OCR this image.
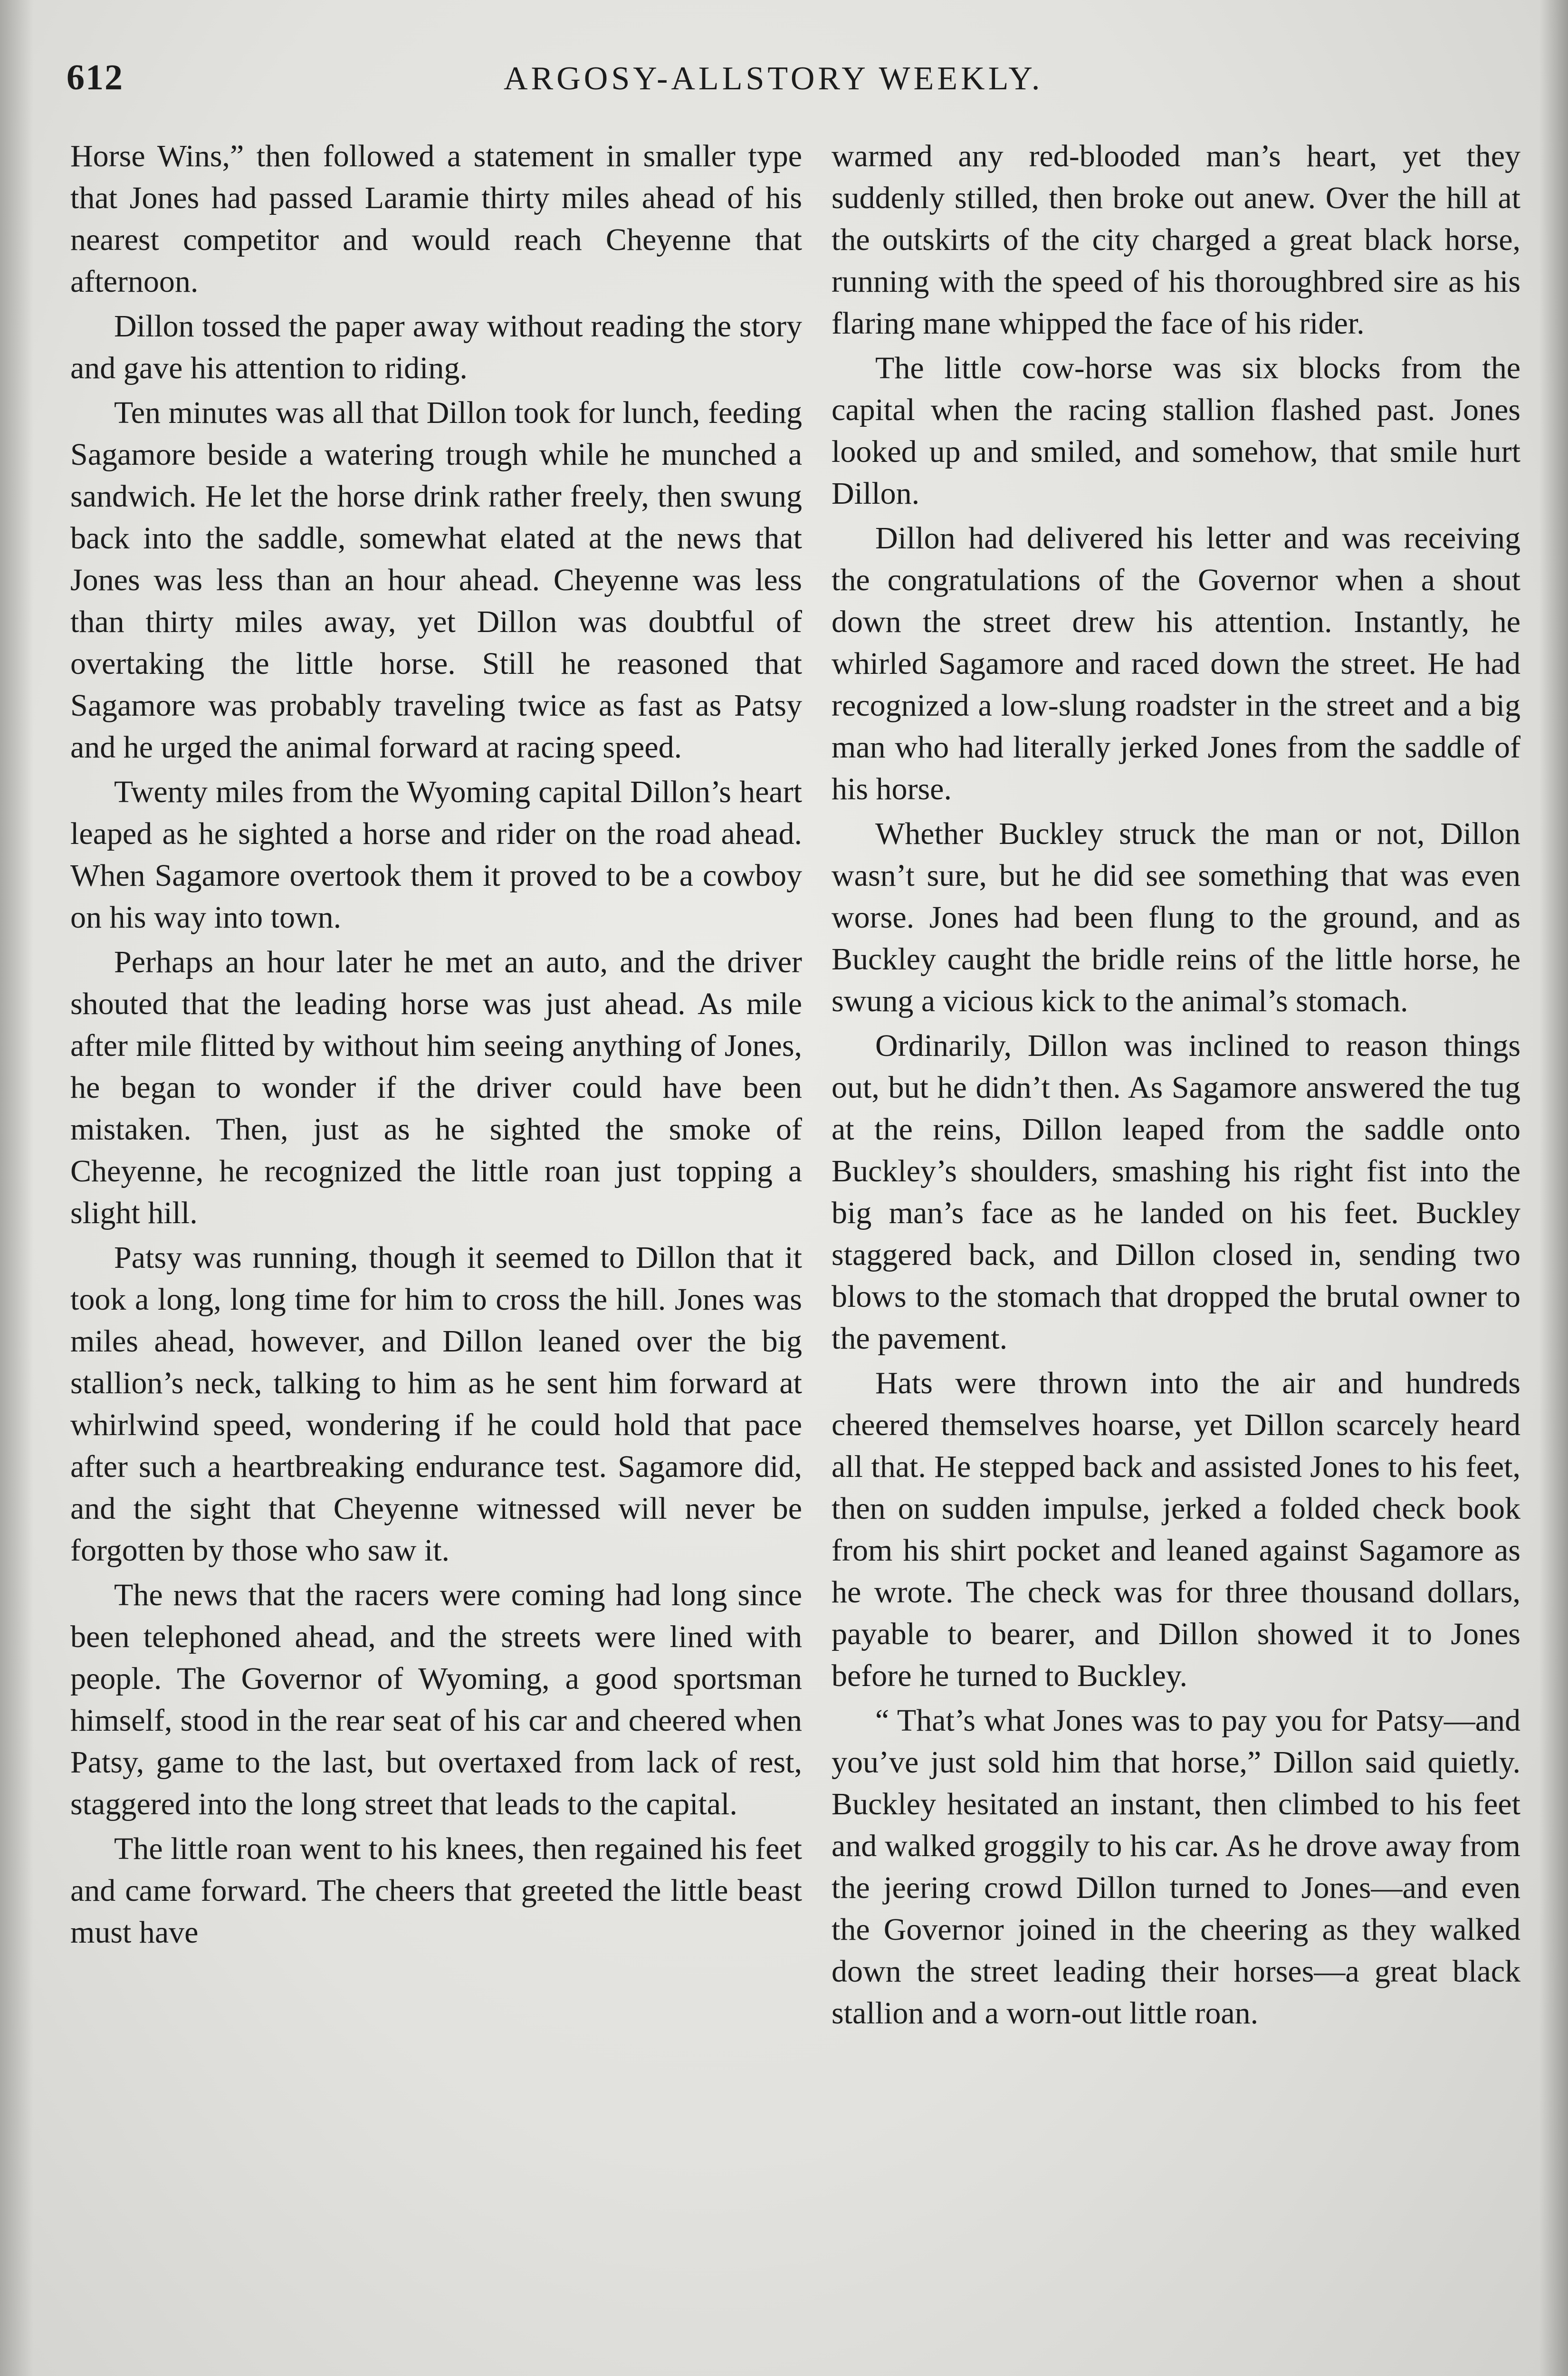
612	ARGOSY-ALLSTORY WEEKLY.

Horse Wins,” then followed a statement in smaller type that Jones had passed Laramie thirty miles ahead of his nearest competitor and would reach Cheyenne that afternoon.

Dillon tossed the paper away without reading the story and gave his attention to riding.

Ten minutes was all that Dillon took for lunch, feeding Sagamore beside a watering trough while he munched a sandwich. He let the horse drink rather freely, then swung back into the saddle, somewhat elated at the news that Jones was less than an hour ahead. Cheyenne was less than thirty miles away, yet Dillon was doubtful of overtaking the little horse. Still he reasoned that Sagamore was probably traveling twice as fast as Patsy and he urged the animal forward at racing speed.

Twenty miles from the Wyoming capital Dillon’s heart leaped as he sighted a horse and rider on the road ahead. When Sagamore overtook them it proved to be a cowboy on his way into town.

Perhaps an hour later he met an auto, and the driver shouted that the leading horse was just ahead. As mile after mile flitted by without him seeing anything of Jones, he began to wonder if the driver could have been mistaken. Then, just as he sighted the smoke of Cheyenne, he recognized the little roan just topping a slight hill.

Patsy was running, though it seemed to Dillon that it took a long, long time for him to cross the hill. Jones was miles ahead, however, and Dillon leaned over the big stallion’s neck, talking to him as he sent him forward at whirlwind speed, wondering if he could hold that pace after such a heartbreaking endurance test. Sagamore did, and the sight that Cheyenne witnessed will never be forgotten by those who saw it.

The news that the racers were coming had long since been telephoned ahead, and the streets were lined with people. The Governor of Wyoming, a good sportsman himself, stood in the rear seat of his car and cheered when Patsy, game to the last, but overtaxed from lack of rest, staggered into the long street that leads to the capital.

The little roan went to his knees, then regained his feet and came forward. The cheers that greeted the little beast must have

warmed any red-blooded man’s heart, yet they suddenly stilled, then broke out anew. Over the hill at the outskirts of the city charged a great black horse, running with the speed of his thoroughbred sire as his flaring mane whipped the face of his rider.

The little cow-horse was six blocks from the capital when the racing stallion flashed past. Jones looked up and smiled, and somehow, that smile hurt Dillon.

Dillon had delivered his letter and was receiving the congratulations of the Governor when a shout down the street drew his attention. Instantly, he whirled Sagamore and raced down the street. He had recognized a low-slung roadster in the street and a big man who had literally jerked Jones from the saddle of his horse.

Whether Buckley struck the man or not, Dillon wasn’t sure, but he did see something that was even worse. Jones had been flung to the ground, and as Buckley caught the bridle reins of the little horse, he swung a vicious kick to the animal’s stomach.

Ordinarily, Dillon was inclined to reason things out, but he didn’t then. As Sagamore answered the tug at the reins, Dillon leaped from the saddle onto Buckley’s shoulders, smashing his right fist into the big man’s face as he landed on his feet. Buckley staggered back, and Dillon closed in, sending two blows to the stomach that dropped the brutal owner to the pavement.

Hats were thrown into the air and hundreds cheered themselves hoarse, yet Dillon scarcely heard all that. He stepped back and assisted Jones to his feet, then on sudden impulse, jerked a folded check book from his shirt pocket and leaned against Sagamore as he wrote. The check was for three thousand dollars, payable to bearer, and Dillon showed it to Jones before he turned to Buckley.

“ That’s what Jones was to pay you for Patsy—and you’ve just sold him that horse,” Dillon said quietly. Buckley hesitated an instant, then climbed to his feet and walked groggily to his car. As he drove away from the jeering crowd Dillon turned to Jones—and even the Governor joined in the cheering as they walked down the street leading their horses—a great black stallion and a worn-out little roan.
